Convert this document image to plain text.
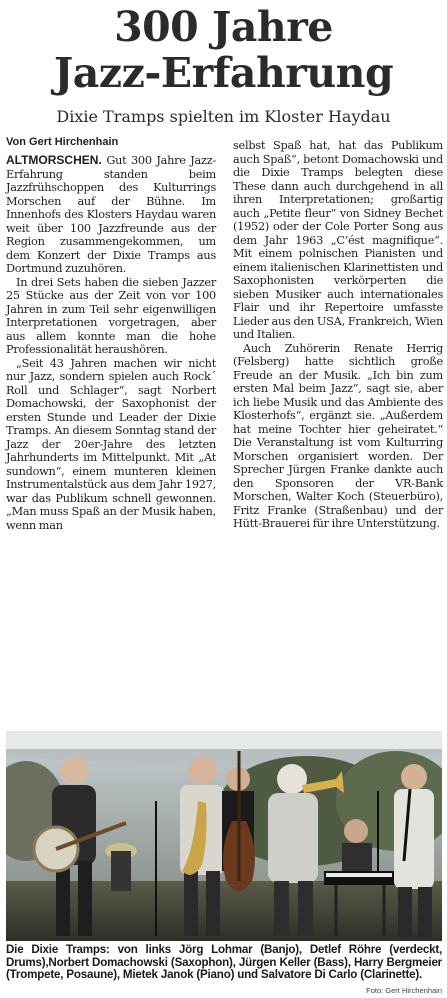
300 Jahre
Jazz-Erfahrung
Dixie Tramps spielten im Kloster Haydau
Von Gert Hirchenhain

ALTMORSCHEN. Gut 300 Jahre Jazz-Erfahrung standen beim Jazzfrühschoppen des Kulturrings Morschen auf der Bühne. Im Innenhofs des Klosters Haydau waren weit über 100 Jazzfreunde aus der Region zusammengekommen, um dem Konzert der Dixie Tramps aus Dortmund zuzuhören.

In drei Sets haben die sieben Jazzer 25 Stücke aus der Zeit von vor 100 Jahren in zum Teil sehr eigenwilligen Interpretationen vorgetragen, aber aus allem konnte man die hohe Professionalität heraushören.

„Seit 43 Jahren machen wir nicht nur Jazz, sondern spielen auch Rock´ Roll und Schlager“, sagt Norbert Domachowski, der Saxophonist der ersten Stunde und Leader der Dixie Tramps. An diesem Sonntag stand der Jazz der 20er-Jahre des letzten Jahrhunderts im Mittelpunkt. Mit „At sundown“, einem munteren kleinen Instrumentalstück aus dem Jahr 1927, war das Publikum schnell gewonnen. „Man muss Spaß an der Musik haben, wenn man

selbst Spaß hat, hat das Publikum auch Spaß“, betont Domachowski und die Dixie Tramps belegten diese These dann auch durchgehend in all ihren Interpretationen; großartig auch „Petite fleur“ von Sidney Bechet (1952) oder der Cole Porter Song aus dem Jahr 1963 „C’ést magnifique“. Mit einem polnischen Pianisten und einem italienischen Klarinettisten und Saxophonisten verkörperten die sieben Musiker auch internationales Flair und ihr Repertoire umfasste Lieder aus den USA, Frankreich, Wien und Italien.

Auch Zuhörerin Renate Herrig (Felsberg) hatte sichtlich große Freude an der Musik. „Ich bin zum ersten Mal beim Jazz“, sagt sie, aber ich liebe Musik und das Ambiente des Klosterhofs“, ergänzt sie. „Außerdem hat meine Tochter hier geheiratet.“ Die Veranstaltung ist vom Kulturring Morschen organisiert worden. Der Sprecher Jürgen Franke dankte auch den Sponsoren der VR-Bank Morschen, Walter Koch (Steuerbüro), Fritz Franke (Straßenbau) und der Hütt-Brauerei für ihre Unterstützung.

Die Dixie Tramps: von links Jörg Lohmar (Banjo), Detlef Röhre (verdeckt, Drums),Norbert Domachowski (Saxophon), Jürgen Keller (Bass), Harry Bergmeier (Trompete, Posaune), Mietek Janok (Piano) und Salvatore Di Carlo (Clarinette).
Foto: Gert Hirchenhain
